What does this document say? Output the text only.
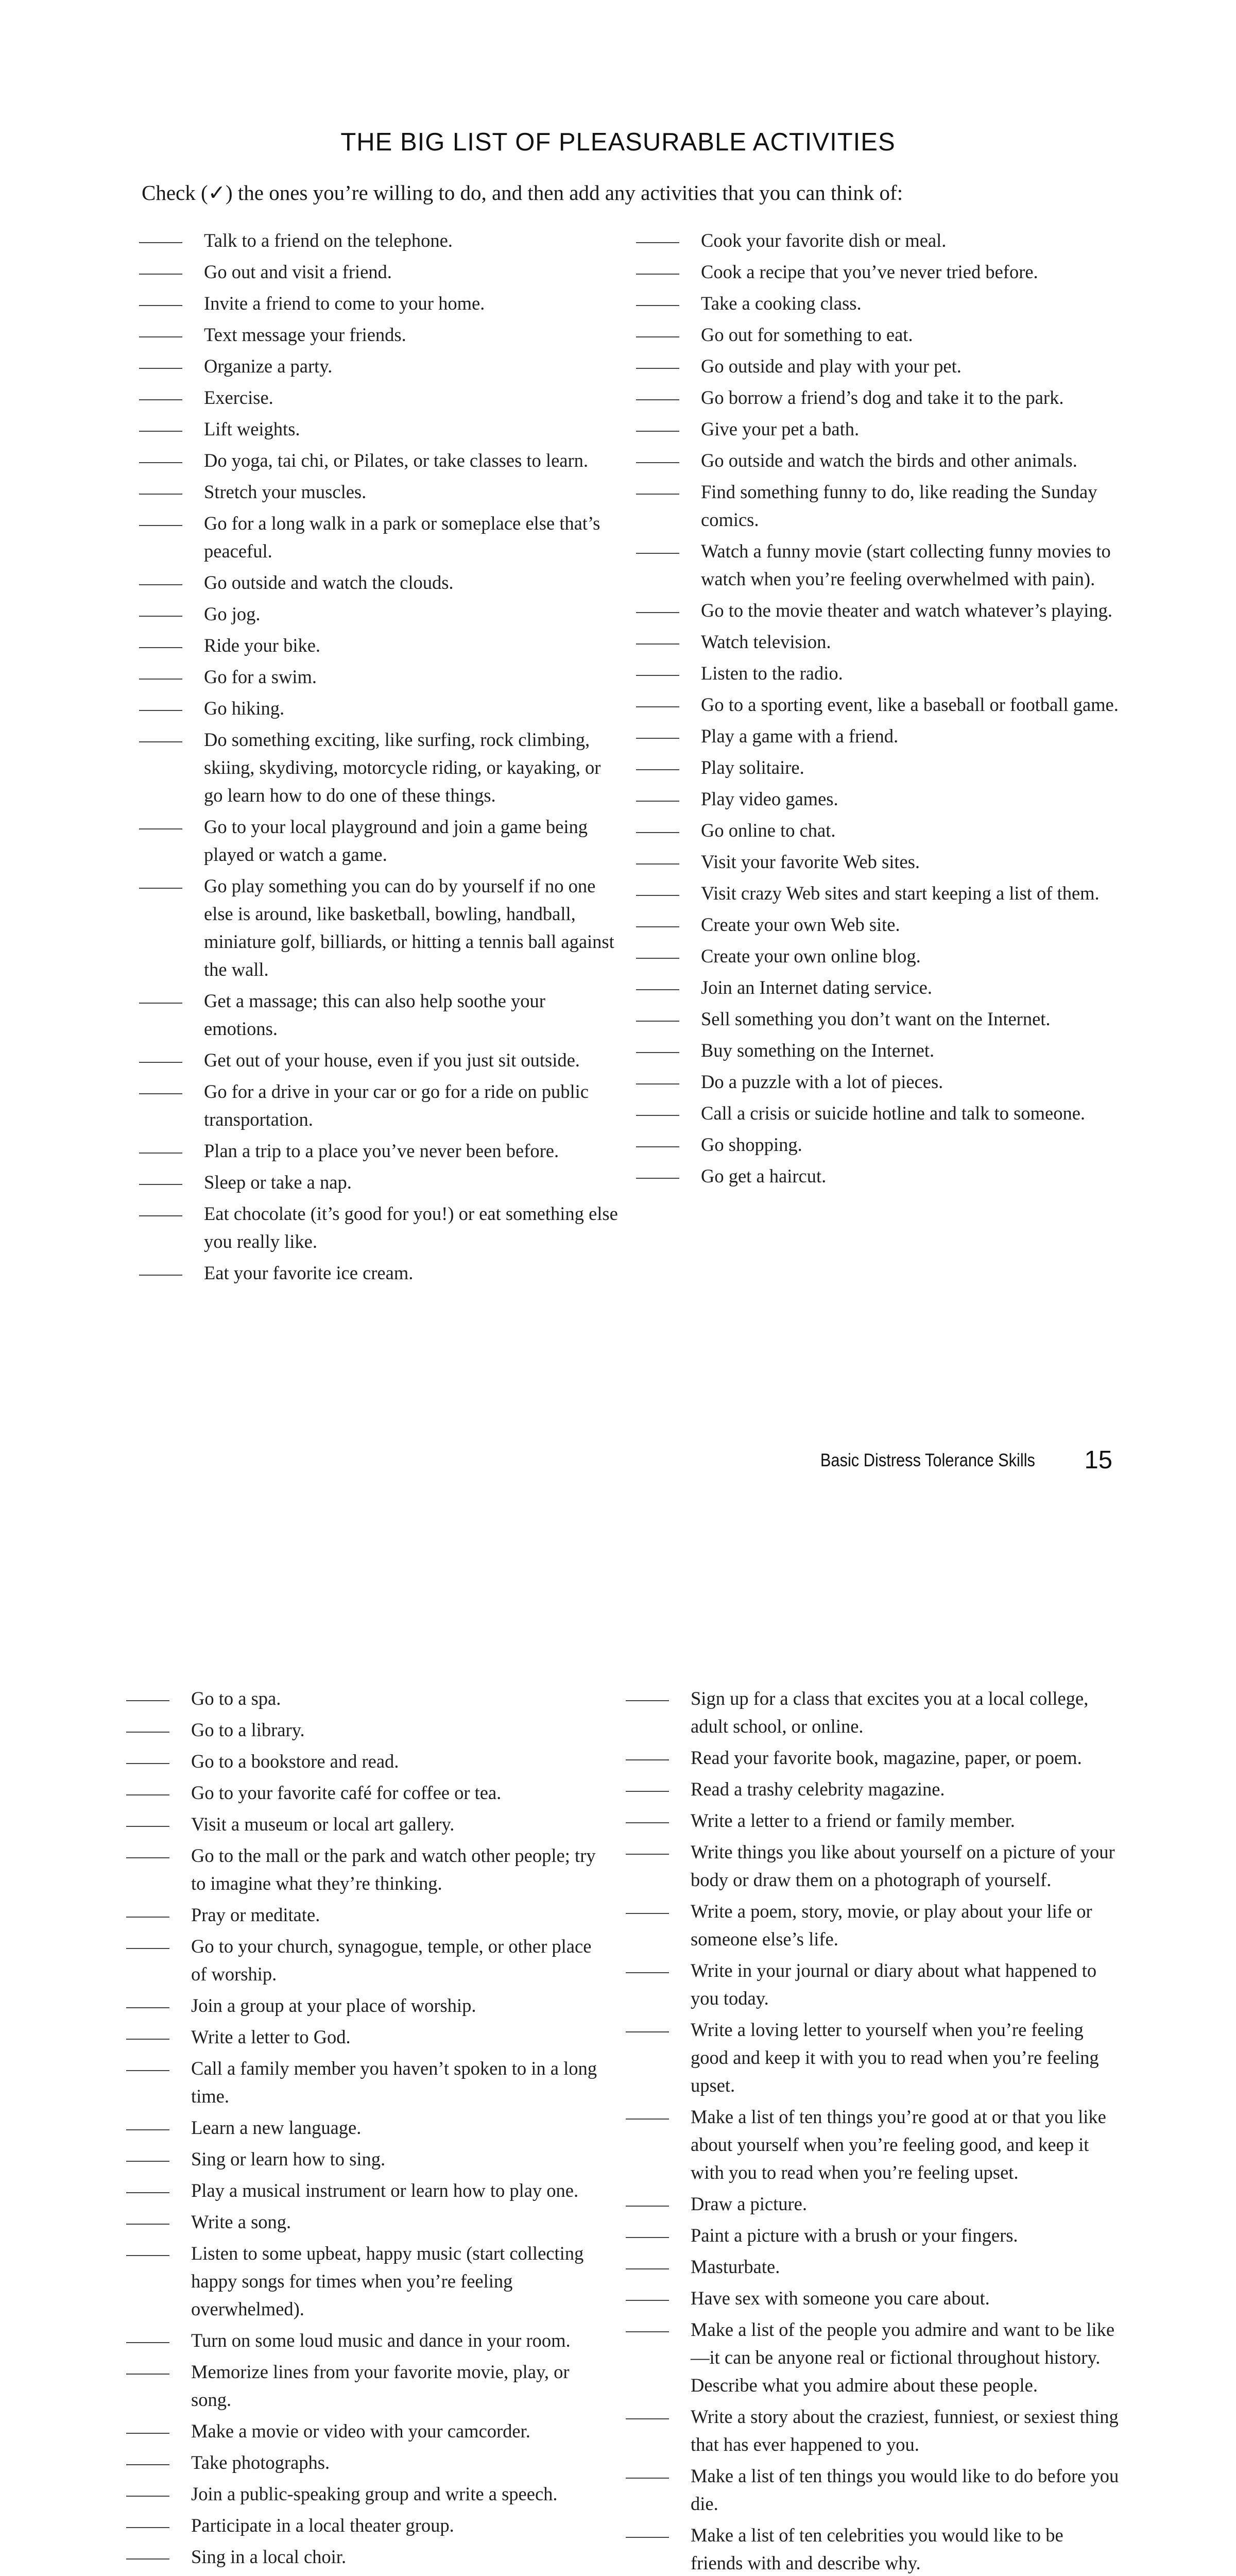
THE BIG LIST OF PLEASURABLE ACTIVITIES
Check (✓) the ones you’re willing to do, and then add any activities that you can think of:
Talk to a friend on the telephone.
Go out and visit a friend.
Invite a friend to come to your home.
Text message your friends.
Organize a party.
Exercise.
Lift weights.
Do yoga, tai chi, or Pilates, or take classes to learn.
Stretch your muscles.
Go for a long walk in a park or someplace else that’s peaceful.
Go outside and watch the clouds.
Go jog.
Ride your bike.
Go for a swim.
Go hiking.
Do something exciting, like surfing, rock climbing, skiing, skydiving, motorcycle riding, or kayaking, or go learn how to do one of these things.
Go to your local playground and join a game being played or watch a game.
Go play something you can do by yourself if no one else is around, like basketball, bowling, handball, miniature golf, billiards, or hitting a tennis ball against the wall.
Get a massage; this can also help soothe your emotions.
Get out of your house, even if you just sit outside.
Go for a drive in your car or go for a ride on public transportation.
Plan a trip to a place you’ve never been before.
Sleep or take a nap.
Eat chocolate (it’s good for you!) or eat something else you really like.
Eat your favorite ice cream.
Cook your favorite dish or meal.
Cook a recipe that you’ve never tried before.
Take a cooking class.
Go out for something to eat.
Go outside and play with your pet.
Go borrow a friend’s dog and take it to the park.
Give your pet a bath.
Go outside and watch the birds and other animals.
Find something funny to do, like reading the Sunday comics.
Watch a funny movie (start collecting funny movies to watch when you’re feeling overwhelmed with pain).
Go to the movie theater and watch whatever’s playing.
Watch television.
Listen to the radio.
Go to a sporting event, like a baseball or football game.
Play a game with a friend.
Play solitaire.
Play video games.
Go online to chat.
Visit your favorite Web sites.
Visit crazy Web sites and start keeping a list of them.
Create your own Web site.
Create your own online blog.
Join an Internet dating service.
Sell something you don’t want on the Internet.
Buy something on the Internet.
Do a puzzle with a lot of pieces.
Call a crisis or suicide hotline and talk to someone.
Go shopping.
Go get a haircut.
Basic Distress Tolerance Skills 15
Go to a spa.
Go to a library.
Go to a bookstore and read.
Go to your favorite café for coffee or tea.
Visit a museum or local art gallery.
Go to the mall or the park and watch other people; try to imagine what they’re thinking.
Pray or meditate.
Go to your church, synagogue, temple, or other place of worship.
Join a group at your place of worship.
Write a letter to God.
Call a family member you haven’t spoken to in a long time.
Learn a new language.
Sing or learn how to sing.
Play a musical instrument or learn how to play one.
Write a song.
Listen to some upbeat, happy music (start collecting happy songs for times when you’re feeling overwhelmed).
Turn on some loud music and dance in your room.
Memorize lines from your favorite movie, play, or song.
Make a movie or video with your camcorder.
Take photographs.
Join a public-speaking group and write a speech.
Participate in a local theater group.
Sing in a local choir.
Sign up for a class that excites you at a local college, adult school, or online.
Read your favorite book, magazine, paper, or poem.
Read a trashy celebrity magazine.
Write a letter to a friend or family member.
Write things you like about yourself on a picture of your body or draw them on a photograph of yourself.
Write a poem, story, movie, or play about your life or someone else’s life.
Write in your journal or diary about what happened to you today.
Write a loving letter to yourself when you’re feeling good and keep it with you to read when you’re feeling upset.
Make a list of ten things you’re good at or that you like about yourself when you’re feeling good, and keep it with you to read when you’re feeling upset.
Draw a picture.
Paint a picture with a brush or your fingers.
Masturbate.
Have sex with someone you care about.
Make a list of the people you admire and want to be like—it can be anyone real or fictional throughout history. Describe what you admire about these people.
Write a story about the craziest, funniest, or sexiest thing that has ever happened to you.
Make a list of ten things you would like to do before you die.
Make a list of ten celebrities you would like to be friends with and describe why.
